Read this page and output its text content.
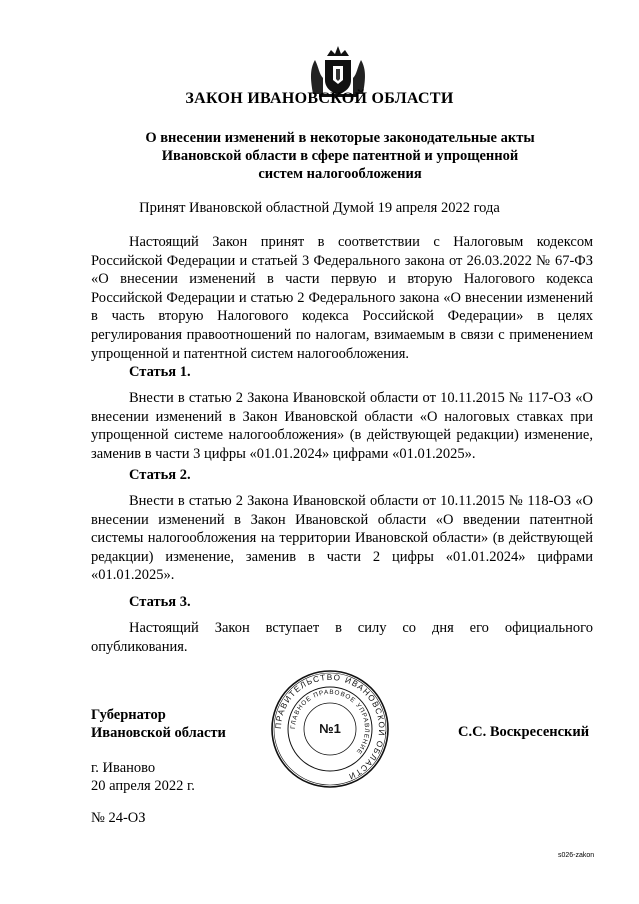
ЗАКОН ИВАНОВСКОЙ ОБЛАСТИ
О внесении изменений в некоторые законодательные акты
Ивановской области в сфере патентной и упрощенной
систем налогообложения
Принят Ивановской областной Думой 19 апреля 2022 года
Настоящий Закон принят в соответствии с Налоговым кодексом Российской Федерации и статьей 3 Федерального закона от 26.03.2022 № 67-ФЗ «О внесении изменений в части первую и вторую Налогового кодекса Российской Федерации и статью 2 Федерального закона «О внесении изменений в часть вторую Налогового кодекса Российской Федерации» в целях регулирования правоотношений по налогам, взимаемым в связи с применением упрощенной и патентной систем налогообложения.
Статья 1.
Внести в статью 2 Закона Ивановской области от 10.11.2015 № 117-ОЗ «О внесении изменений в Закон Ивановской области «О налоговых ставках при упрощенной системе налогообложения» (в действующей редакции) изменение, заменив в части 3 цифры «01.01.2024» цифрами «01.01.2025».
Статья 2.
Внести в статью 2 Закона Ивановской области от 10.11.2015 № 118-ОЗ «О внесении изменений в Закон Ивановской области «О введении патентной системы налогообложения на территории Ивановской области» (в действующей редакции) изменение, заменив в части 2 цифры «01.01.2024» цифрами «01.01.2025».
Статья 3.
Настоящий Закон вступает в силу со дня его официального опубликования.
Губернатор
Ивановской области	ПРАВИТЕЛЬСТВО ИВАНОВСКОЙ ОБЛАСТИ
ГЛАВНОЕ ПРАВОВОЕ УПРАВЛЕНИЕ
№1	С.С. Воскресенский
г. Иваново
20 апреля 2022 г.
№ 24-ОЗ
s026-zakon
